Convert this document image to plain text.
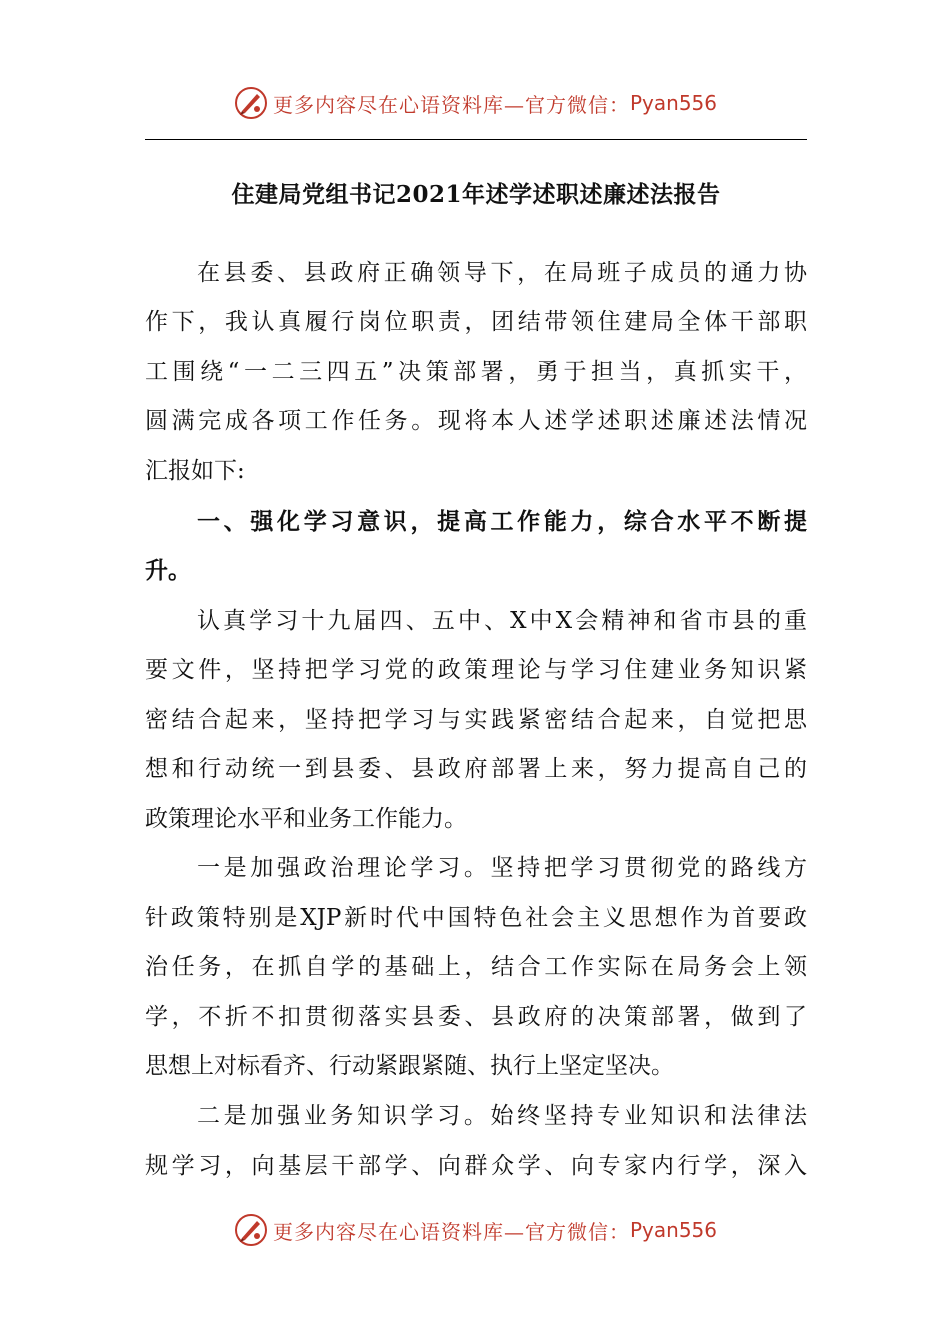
更多内容尽在心语资料库—官方微信： Pyan556
住建局党组书记2021年述学述职述廉述法报告
在县委、县政府正确领导下，在局班子成员的通力协
作下，我认真履行岗位职责，团结带领住建局全体干部职
工围绕“一二三四五”决策部署，勇于担当，真抓实干，
圆满完成各项工作任务。现将本人述学述职述廉述法情况
汇报如下:
一、强化学习意识，提高工作能力，综合水平不断提
升。
认真学习十九届四、五中、X中X会精神和省市县的重
要文件，坚持把学习党的政策理论与学习住建业务知识紧
密结合起来，坚持把学习与实践紧密结合起来，自觉把思
想和行动统一到县委、县政府部署上来，努力提高自己的
政策理论水平和业务工作能力。
一是加强政治理论学习。坚持把学习贯彻党的路线方
针政策特别是XJP新时代中国特色社会主义思想作为首要政
治任务，在抓自学的基础上，结合工作实际在局务会上领
学，不折不扣贯彻落实县委、县政府的决策部署，做到了
思想上对标看齐、行动紧跟紧随、执行上坚定坚决。
二是加强业务知识学习。始终坚持专业知识和法律法
规学习，向基层干部学、向群众学、向专家内行学，深入
更多内容尽在心语资料库—官方微信： Pyan556
